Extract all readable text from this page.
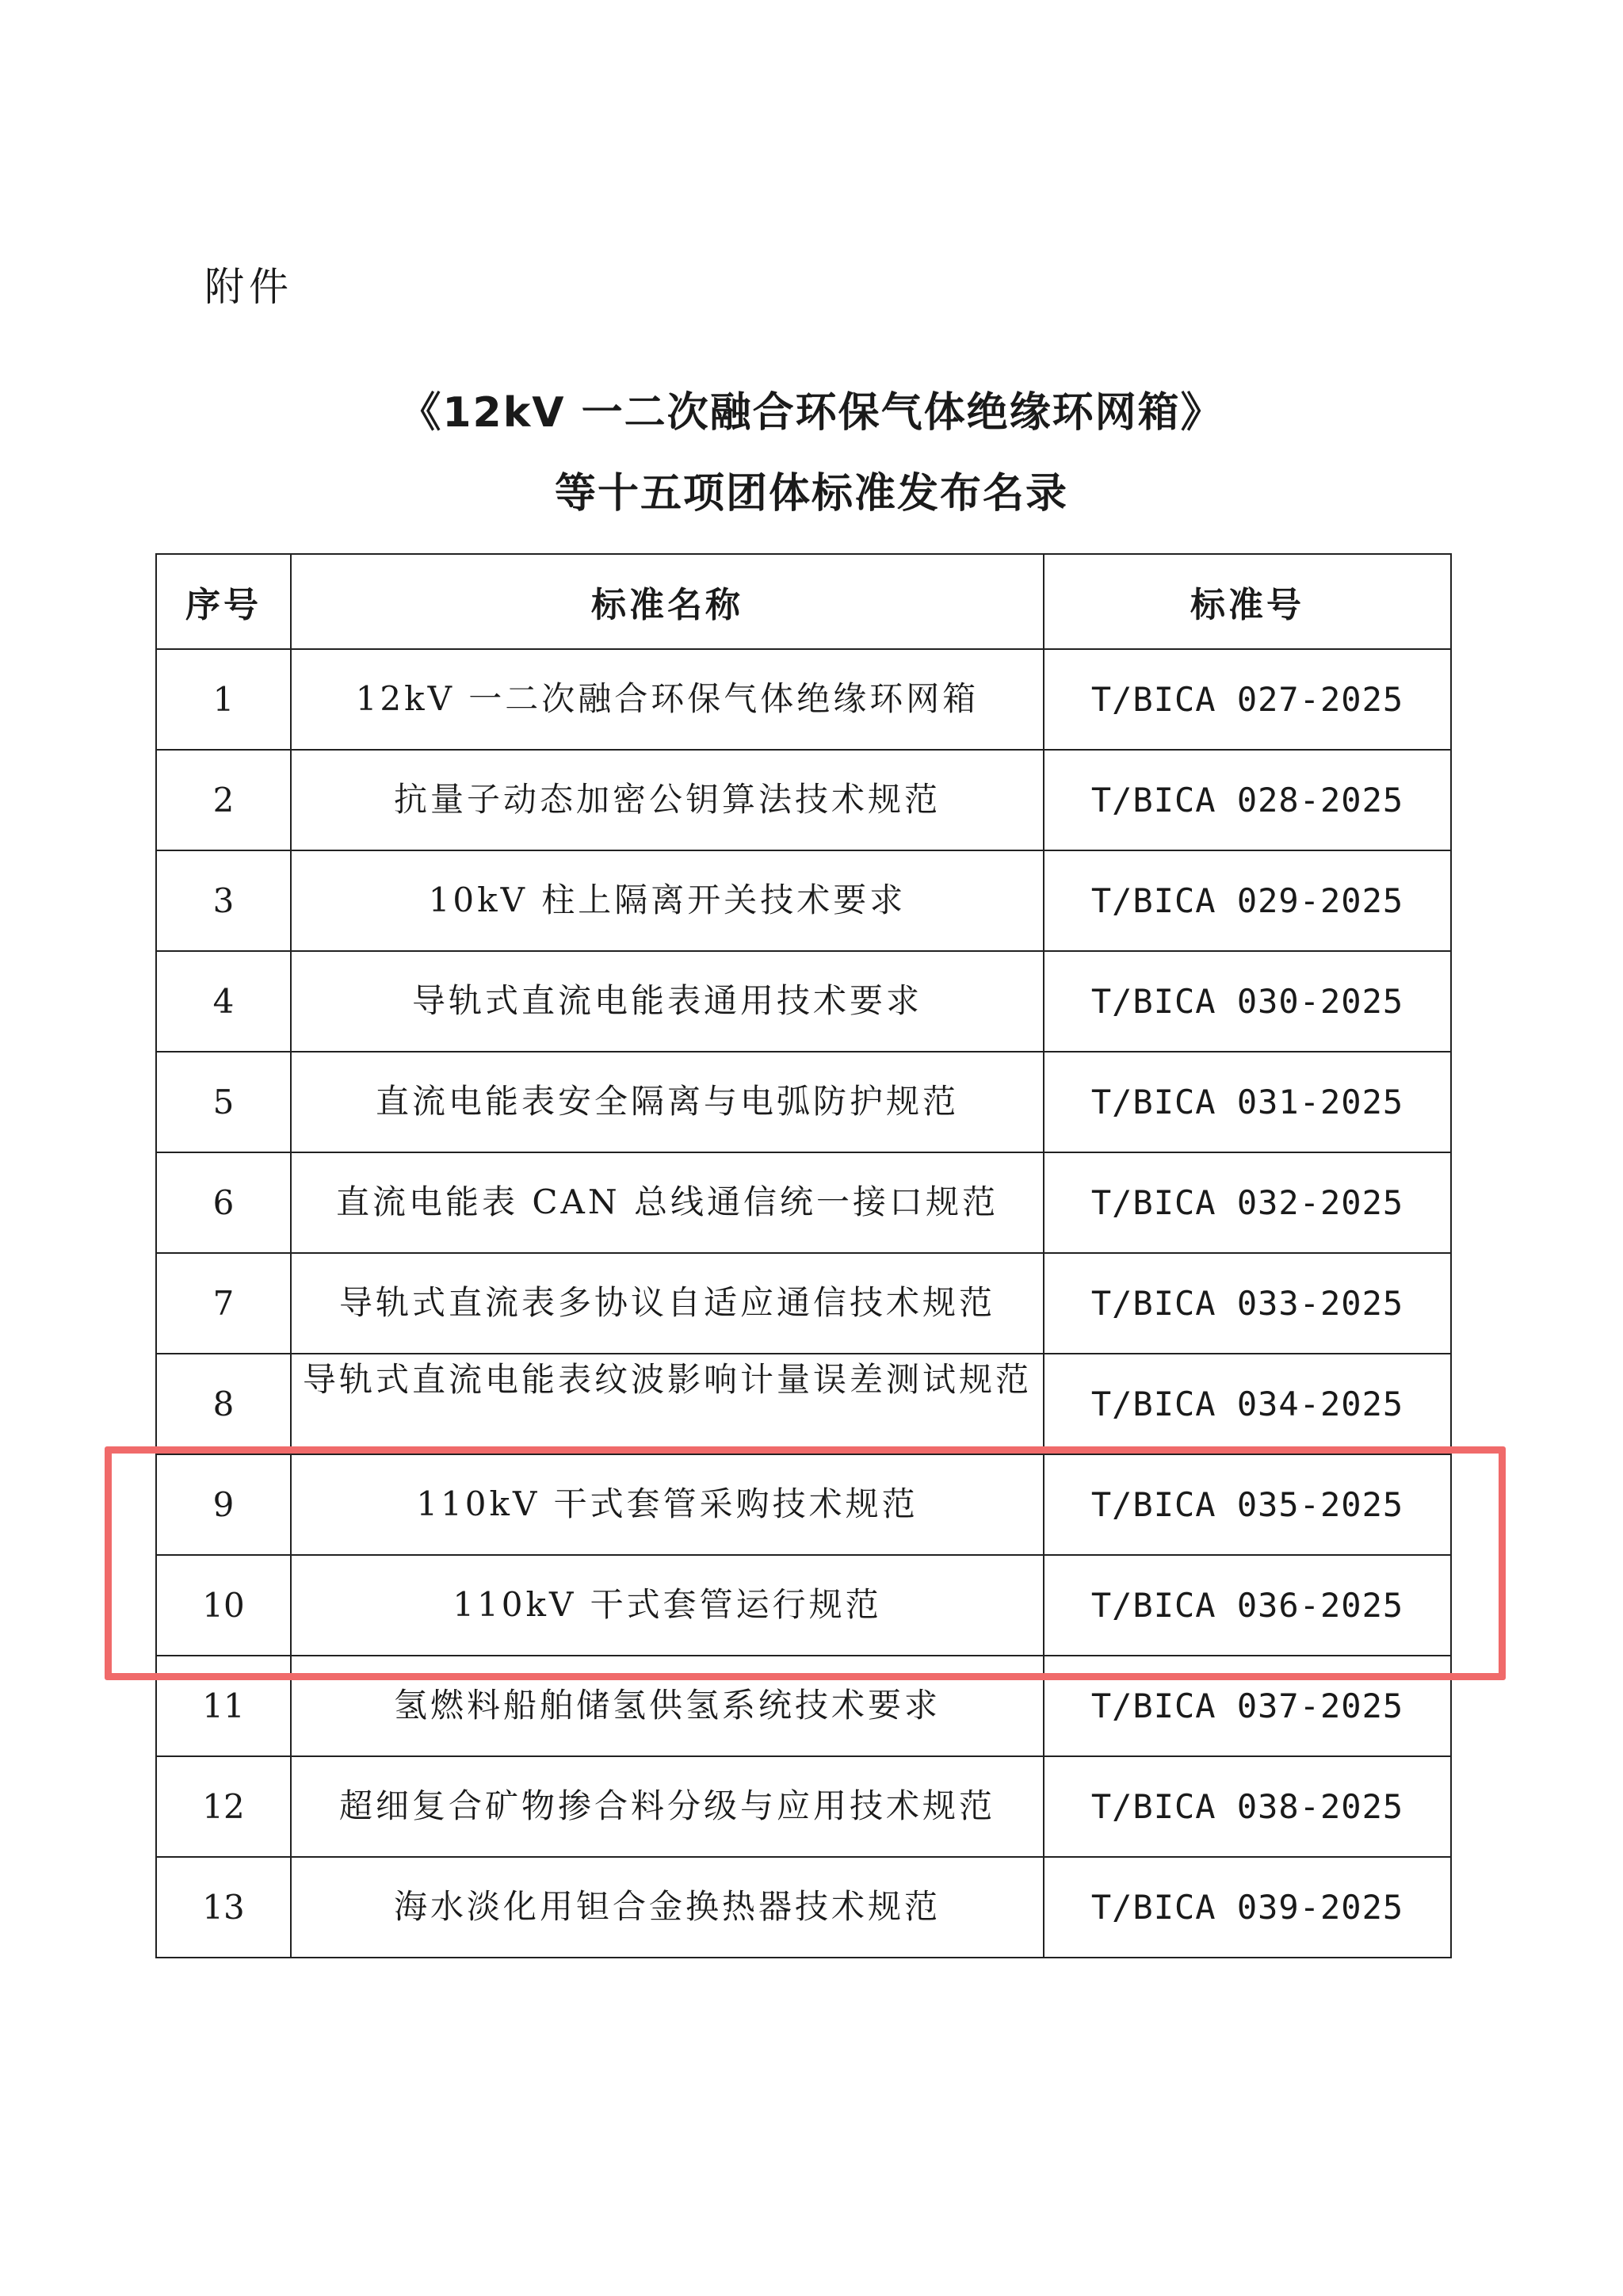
附件
《12kV 一二次融合环保气体绝缘环网箱》
等十五项团体标准发布名录
序号	标准名称	标准号
1	12kV 一二次融合环保气体绝缘环网箱	T/BICA 027-2025
2	抗量子动态加密公钥算法技术规范	T/BICA 028-2025
3	10kV 柱上隔离开关技术要求	T/BICA 029-2025
4	导轨式直流电能表通用技术要求	T/BICA 030-2025
5	直流电能表安全隔离与电弧防护规范	T/BICA 031-2025
6	直流电能表 CAN 总线通信统一接口规范	T/BICA 032-2025
7	导轨式直流表多协议自适应通信技术规范	T/BICA 033-2025
8	导轨式直流电能表纹波影响计量误差测试规范	T/BICA 034-2025
9	110kV 干式套管采购技术规范	T/BICA 035-2025
10	110kV 干式套管运行规范	T/BICA 036-2025
11	氢燃料船舶储氢供氢系统技术要求	T/BICA 037-2025
12	超细复合矿物掺合料分级与应用技术规范	T/BICA 038-2025
13	海水淡化用钽合金换热器技术规范	T/BICA 039-2025
